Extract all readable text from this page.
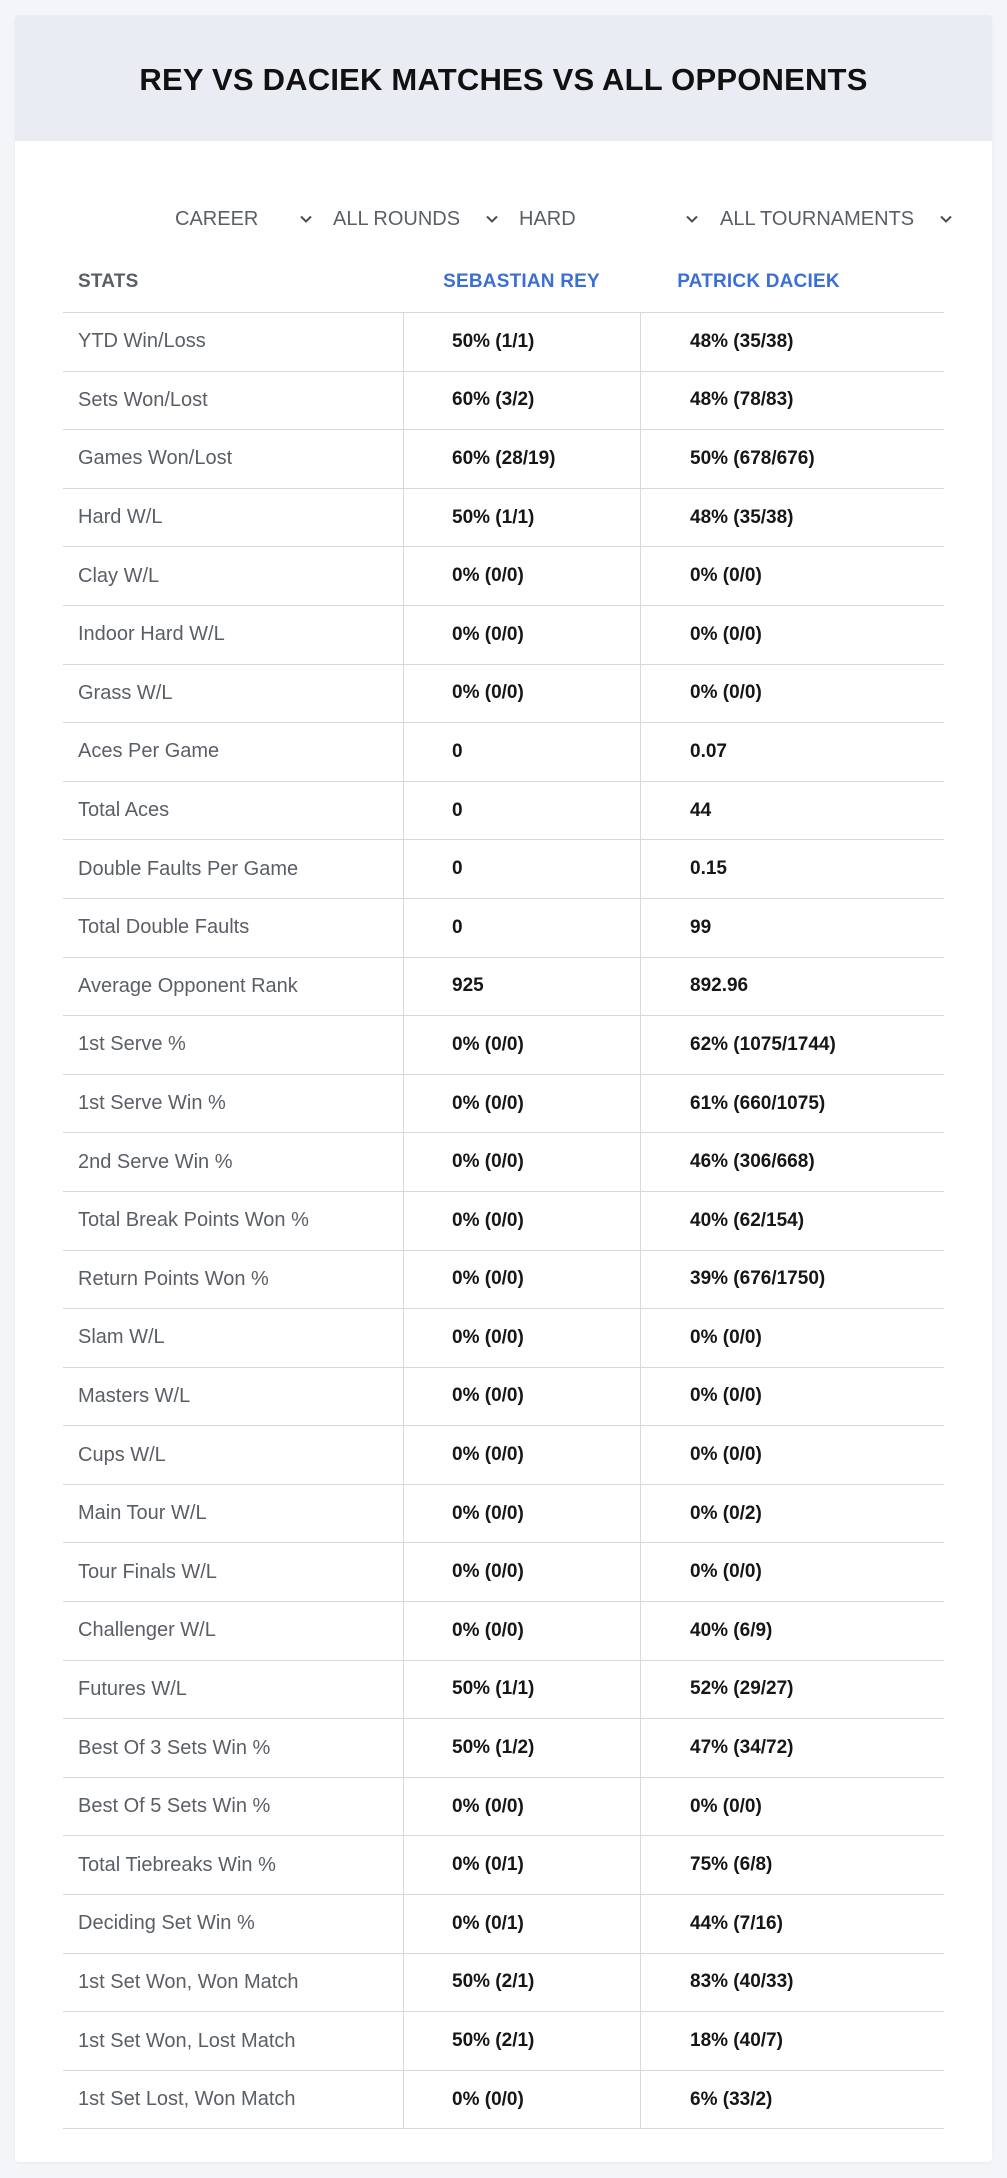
REY VS DACIEK MATCHES VS ALL OPPONENTS
CAREER	ALL ROUNDS	HARD	ALL TOURNAMENTS
STATS	SEBASTIAN REY	PATRICK DACIEK
YTD Win/Loss	50% (1/1)	48% (35/38)
Sets Won/Lost	60% (3/2)	48% (78/83)
Games Won/Lost	60% (28/19)	50% (678/676)
Hard W/L	50% (1/1)	48% (35/38)
Clay W/L	0% (0/0)	0% (0/0)
Indoor Hard W/L	0% (0/0)	0% (0/0)
Grass W/L	0% (0/0)	0% (0/0)
Aces Per Game	0	0.07
Total Aces	0	44
Double Faults Per Game	0	0.15
Total Double Faults	0	99
Average Opponent Rank	925	892.96
1st Serve %	0% (0/0)	62% (1075/1744)
1st Serve Win %	0% (0/0)	61% (660/1075)
2nd Serve Win %	0% (0/0)	46% (306/668)
Total Break Points Won %	0% (0/0)	40% (62/154)
Return Points Won %	0% (0/0)	39% (676/1750)
Slam W/L	0% (0/0)	0% (0/0)
Masters W/L	0% (0/0)	0% (0/0)
Cups W/L	0% (0/0)	0% (0/0)
Main Tour W/L	0% (0/0)	0% (0/2)
Tour Finals W/L	0% (0/0)	0% (0/0)
Challenger W/L	0% (0/0)	40% (6/9)
Futures W/L	50% (1/1)	52% (29/27)
Best Of 3 Sets Win %	50% (1/2)	47% (34/72)
Best Of 5 Sets Win %	0% (0/0)	0% (0/0)
Total Tiebreaks Win %	0% (0/1)	75% (6/8)
Deciding Set Win %	0% (0/1)	44% (7/16)
1st Set Won, Won Match	50% (2/1)	83% (40/33)
1st Set Won, Lost Match	50% (2/1)	18% (40/7)
1st Set Lost, Won Match	0% (0/0)	6% (33/2)
